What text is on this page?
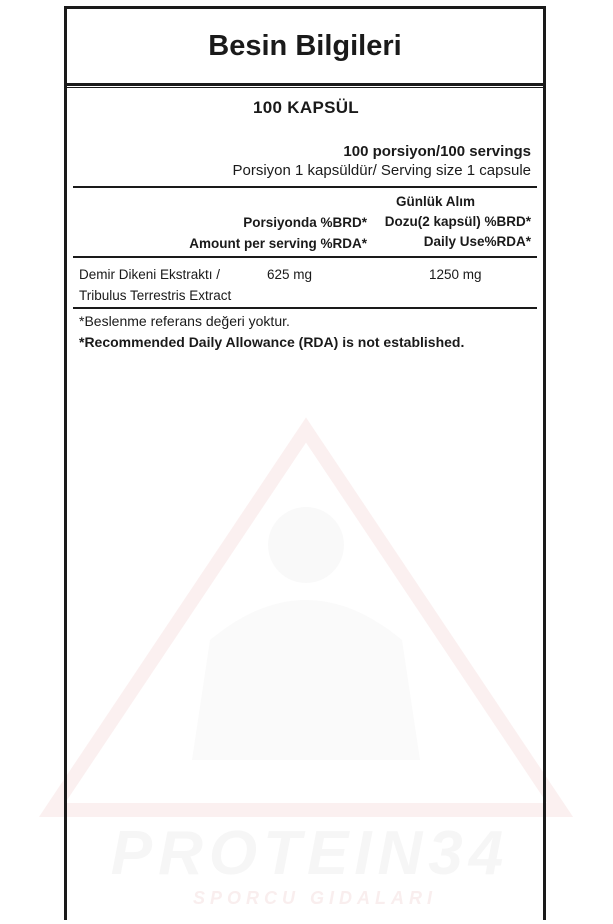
PROTEIN34
SPORCU GIDALARI
Besin Bilgileri
100 KAPSÜL
100 porsiyon/100 servings
Porsiyon 1 kapsüldür/ Serving size 1 capsule
Porsiyonda %BRD*
Amount per serving %RDA*
Günlük Alım
Dozu(2 kapsül) %BRD*
Daily Use%RDA*
Demir Dikeni Ekstraktı /
Tribulus Terrestris Extract
625 mg	1250 mg
*Beslenme referans değeri yoktur.
*Recommended Daily Allowance (RDA) is not established.
